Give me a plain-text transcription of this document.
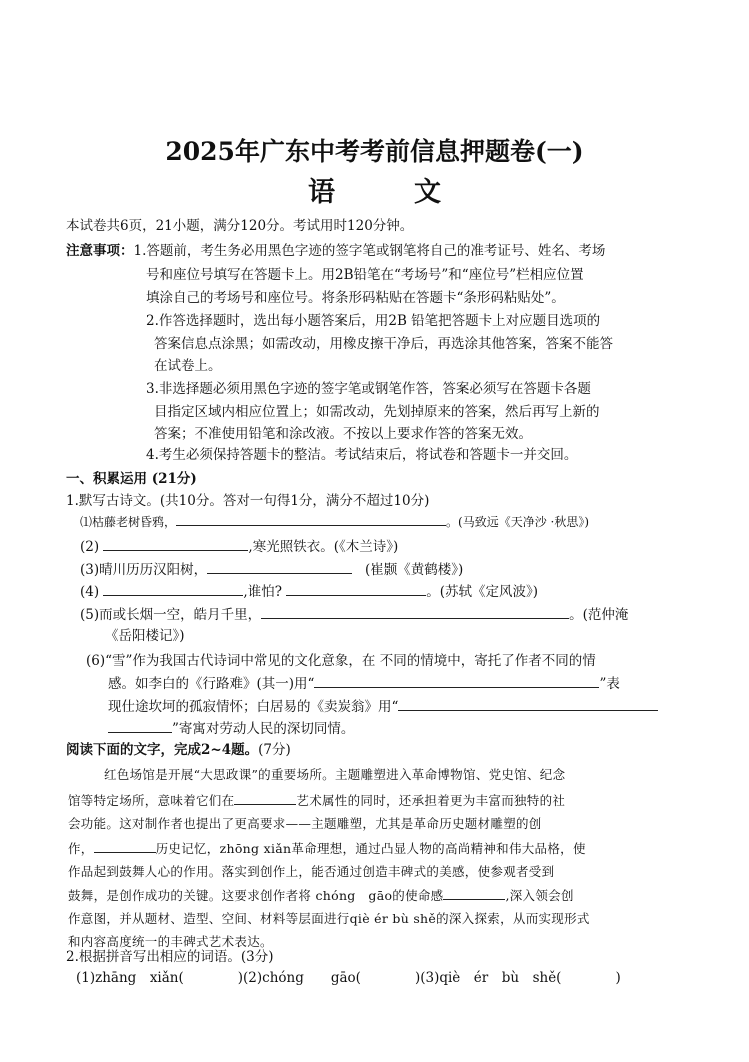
2025年广东中考考前信息押题卷(一)
语　文
本试卷共6页，21小题，满分120分。考试用时120分钟。
注意事项：1.答题前，考生务必用黑色字迹的签字笔或钢笔将自己的准考证号、姓名、考场
号和座位号填写在答题卡上。用2B铅笔在“考场号”和“座位号”栏相应位置
填涂自己的考场号和座位号。将条形码粘贴在答题卡“条形码粘贴处”。
2.作答选择题时，选出每小题答案后，用2B 铅笔把答题卡上对应题目选项的
答案信息点涂黑；如需改动，用橡皮擦干净后，再选涂其他答案，答案不能答
在试卷上。
3.非选择题必须用黑色字迹的签字笔或钢笔作答，答案必须写在答题卡各题
目指定区域内相应位置上；如需改动，先划掉原来的答案，然后再写上新的
答案；不准使用铅笔和涂改液。不按以上要求作答的答案无效。
4.考生必须保持答题卡的整洁。考试结束后，将试卷和答题卡一并交回。
一、积累运用 (21分)
1.默写古诗文。(共10分。答对一句得1分，满分不超过10分)
⑴枯藤老树昏鸦，	。(马致远《天净沙 ·秋思》)
(2)	,寒光照铁衣。(《木兰诗》)
(3)晴川历历汉阳树，	(崔颢《黄鹤楼》)
(4)	,谁怕?	。(苏轼《定风波》)
(5)而或长烟一空，皓月千里，	。(范仲淹
《岳阳楼记》)
(6)“雪”作为我国古代诗词中常见的文化意象，在 不同的情境中，寄托了作者不同的情
感。如李白的《行路难》(其一)用“	”表
现仕途坎坷的孤寂情怀；白居易的《卖炭翁》用“
”寄寓对劳动人民的深切同情。
阅读下面的文字，完成2~4题。(7分)
红色场馆是开展“大思政课”的重要场所。主题雕塑进入革命博物馆、党史馆、纪念
馆等特定场所，意味着它们在	艺术属性的同时，还承担着更为丰富而独特的社
会功能。这对制作者也提出了更高要求——主题雕塑，尤其是革命历史题材雕塑的创
作，	历史记忆，zhōng xiǎn革命理想，通过凸显人物的高尚精神和伟大品格，使
作品起到鼓舞人心的作用。落实到创作上，能否通过创造丰碑式的美感，使参观者受到
鼓舞，是创作成功的关键。这要求创作者将 chóng　gāo的使命感	,深入领会创
作意图，并从题材、造型、空间、材料等层面进行qiè ér bù shě的深入探索，从而实现形式
和内容高度统一的丰碑式艺术表达。
2.根据拼音写出相应的词语。(3分)
(1)zhāng　xiǎn(　　　　)(2)chóng　　gāo(　　　　)(3)qiè　ér　bù　shě(　　　　)
